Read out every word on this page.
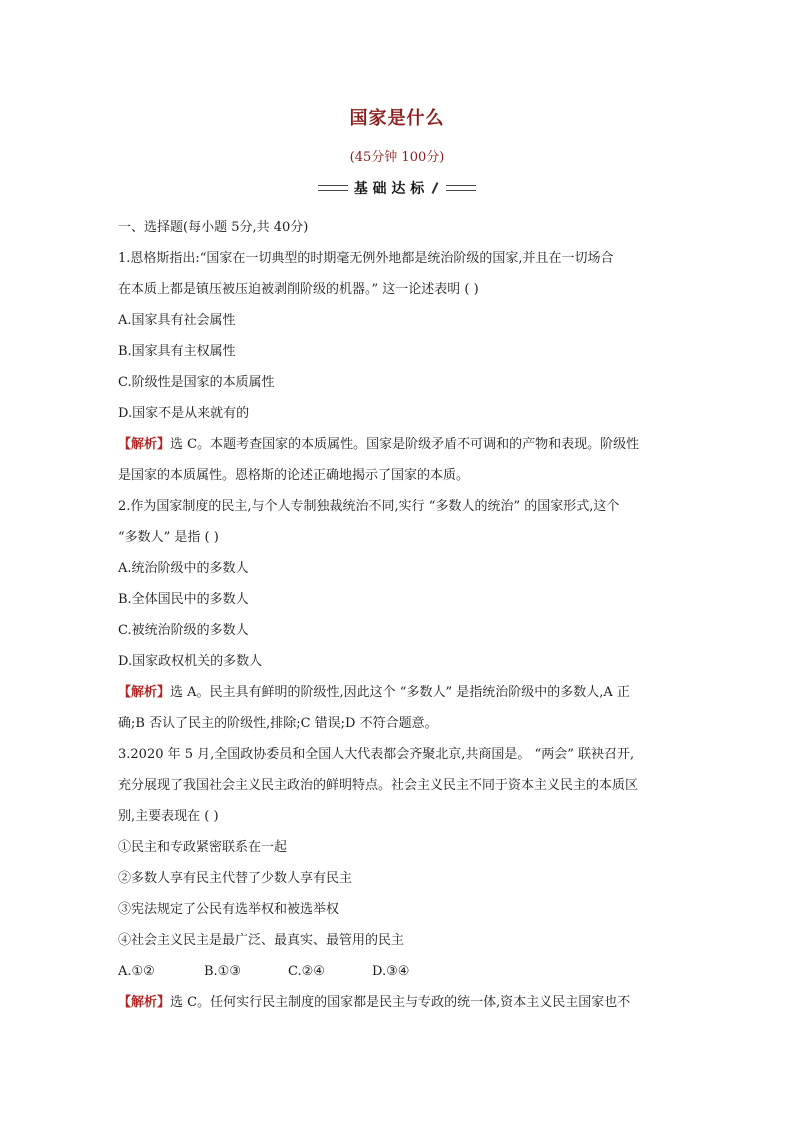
国家是什么
(45分钟 100分)
基 础 达 标
一、选择题(每小题 5分,共 40分)
1.恩格斯指出:“国家在一切典型的时期毫无例外地都是统治阶级的国家,并且在一切场合
在本质上都是镇压被压迫被剥削阶级的机器。” 这一论述表明 ( )
A.国家具有社会属性
B.国家具有主权属性
C.阶级性是国家的本质属性
D.国家不是从来就有的
【解析】选 C。本题考查国家的本质属性。国家是阶级矛盾不可调和的产物和表现。阶级性
是国家的本质属性。恩格斯的论述正确地揭示了国家的本质。
2.作为国家制度的民主,与个人专制独裁统治不同,实行 “多数人的统治” 的国家形式,这个
“多数人” 是指 ( )
A.统治阶级中的多数人
B.全体国民中的多数人
C.被统治阶级的多数人
D.国家政权机关的多数人
【解析】选 A。民主具有鲜明的阶级性,因此这个 “多数人” 是指统治阶级中的多数人,A 正
确;B 否认了民主的阶级性,排除;C 错误;D 不符合题意。
3.2020 年 5 月,全国政协委员和全国人大代表都会齐聚北京,共商国是。 “两会” 联袂召开,
充分展现了我国社会主义民主政治的鲜明特点。社会主义民主不同于资本主义民主的本质区
别,主要表现在 ( )
①民主和专政紧密联系在一起
②多数人享有民主代替了少数人享有民主
③宪法规定了公民有选举权和被选举权
④社会主义民主是最广泛、最真实、最管用的民主
A.①②	B.①③	C.②④	D.③④
【解析】选 C。任何实行民主制度的国家都是民主与专政的统一体,资本主义民主国家也不
